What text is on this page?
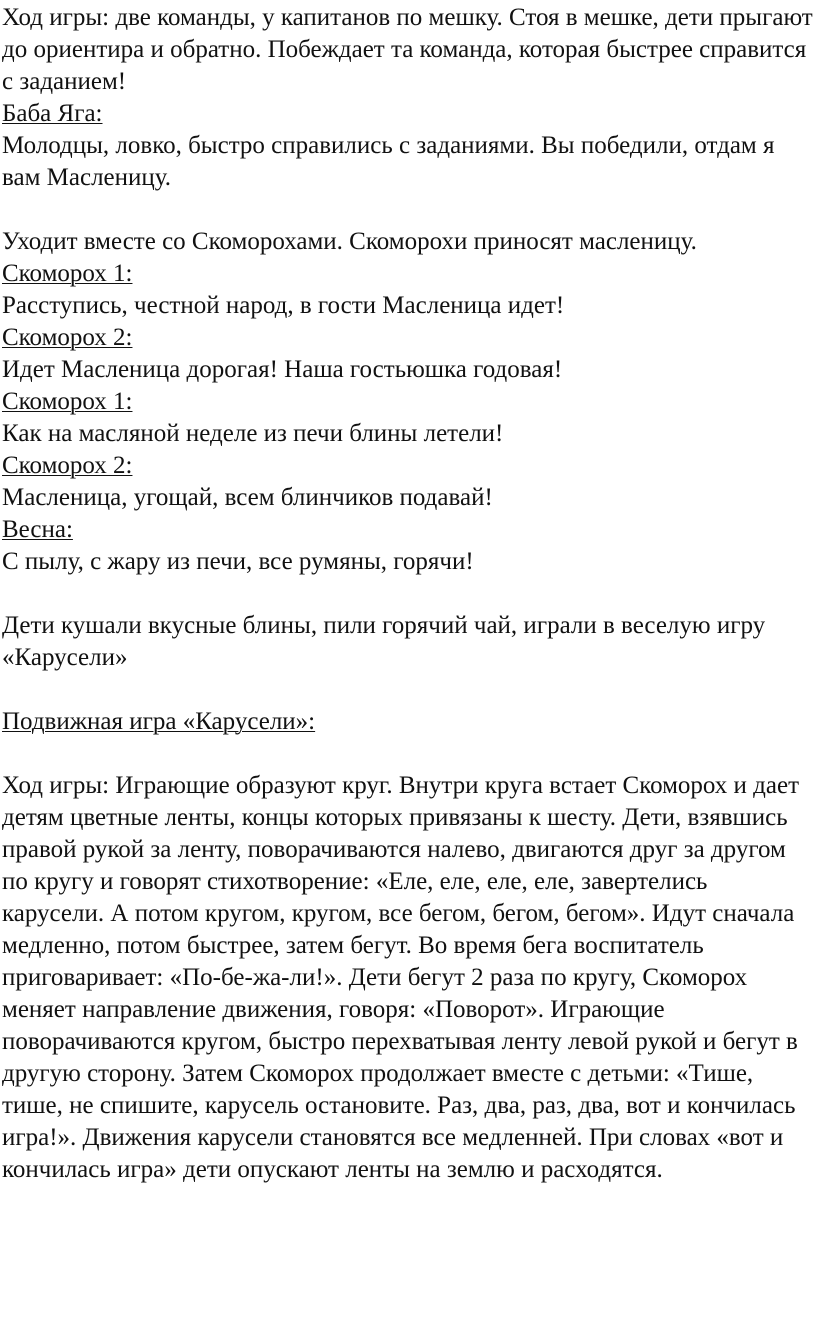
Ход игры: две команды, у капитанов по мешку. Стоя в мешке, дети прыгают до ориентира и обратно. Побеждает та команда, которая быстрее справится с заданием!

Баба Яга:

Молодцы, ловко, быстро справились с заданиями. Вы победили, отдам я вам Масленицу.

Уходит вместе со Скоморохами. Скоморохи приносят масленицу.

Скоморох 1:

Расступись, честной народ, в гости Масленица идет!

Скоморох 2:

Идет Масленица дорогая! Наша гостьюшка годовая!

Скоморох 1:

Как на масляной неделе из печи блины летели!

Скоморох 2:

Масленица, угощай, всем блинчиков подавай!

Весна:

С пылу, с жару из печи, все румяны, горячи!

Дети кушали вкусные блины, пили горячий чай, играли в веселую игру «Карусели»

Подвижная игра «Карусели»:

Ход игры: Играющие образуют круг. Внутри круга встает Скоморох и дает детям цветные ленты, концы которых привязаны к шесту. Дети, взявшись правой рукой за ленту, поворачиваются налево, двигаются друг за другом по кругу и говорят стихотворение: «Еле, еле, еле, еле, завертелись карусели. А потом кругом, кругом, все бегом, бегом, бегом». Идут сначала медленно, потом быстрее, затем бегут. Во время бега воспитатель приговаривает: «По-бе-жа-ли!». Дети бегут 2 раза по кругу, Скоморох меняет направление движения, говоря: «Поворот». Играющие поворачиваются кругом, быстро перехватывая ленту левой рукой и бегут в другую сторону. Затем Скоморох продолжает вместе с детьми: «Тише, тише, не спишите, карусель остановите. Раз, два, раз, два, вот и кончилась игра!». Движения карусели становятся все медленней. При словах «вот и кончилась игра» дети опускают ленты на землю и расходятся.
